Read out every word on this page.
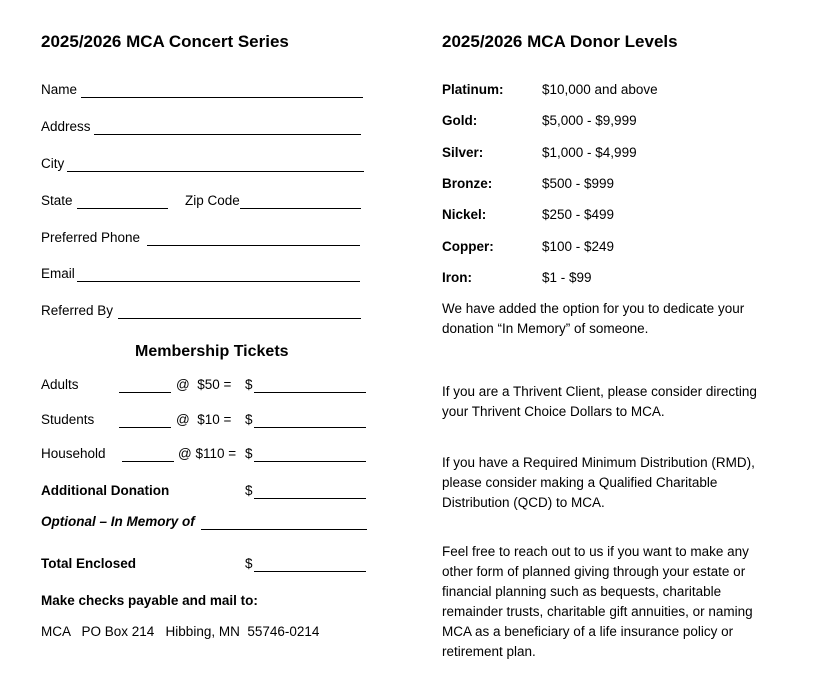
2025/2026 MCA Concert Series
Name
Address
City
State	Zip Code
Preferred Phone
Email
Referred By
Membership Tickets
Adults	@  $50 = $
Students	@  $10 = $
Household	@ $110 = $
Additional Donation	$
Optional – In Memory of
Total Enclosed	$
Make checks payable and mail to:
MCA   PO Box 214   Hibbing, MN  55746-0214
2025/2026 MCA Donor Levels
Platinum:	$10,000 and above
Gold:	$5,000 - $9,999
Silver:	$1,000 - $4,999
Bronze:	$500 - $999
Nickel:	$250 - $499
Copper:	$100 - $249
Iron:	$1 - $99
We have added the option for you to dedicate your donation “In Memory” of someone.
If you are a Thrivent Client, please consider directing your Thrivent Choice Dollars to MCA.
If you have a Required Minimum Distribution (RMD), please consider making a Qualified Charitable Distribution (QCD) to MCA.
Feel free to reach out to us if you want to make any other form of planned giving through your estate or financial planning such as bequests, charitable remainder trusts, charitable gift annuities, or naming MCA as a beneficiary of a life insurance policy or retirement plan.
